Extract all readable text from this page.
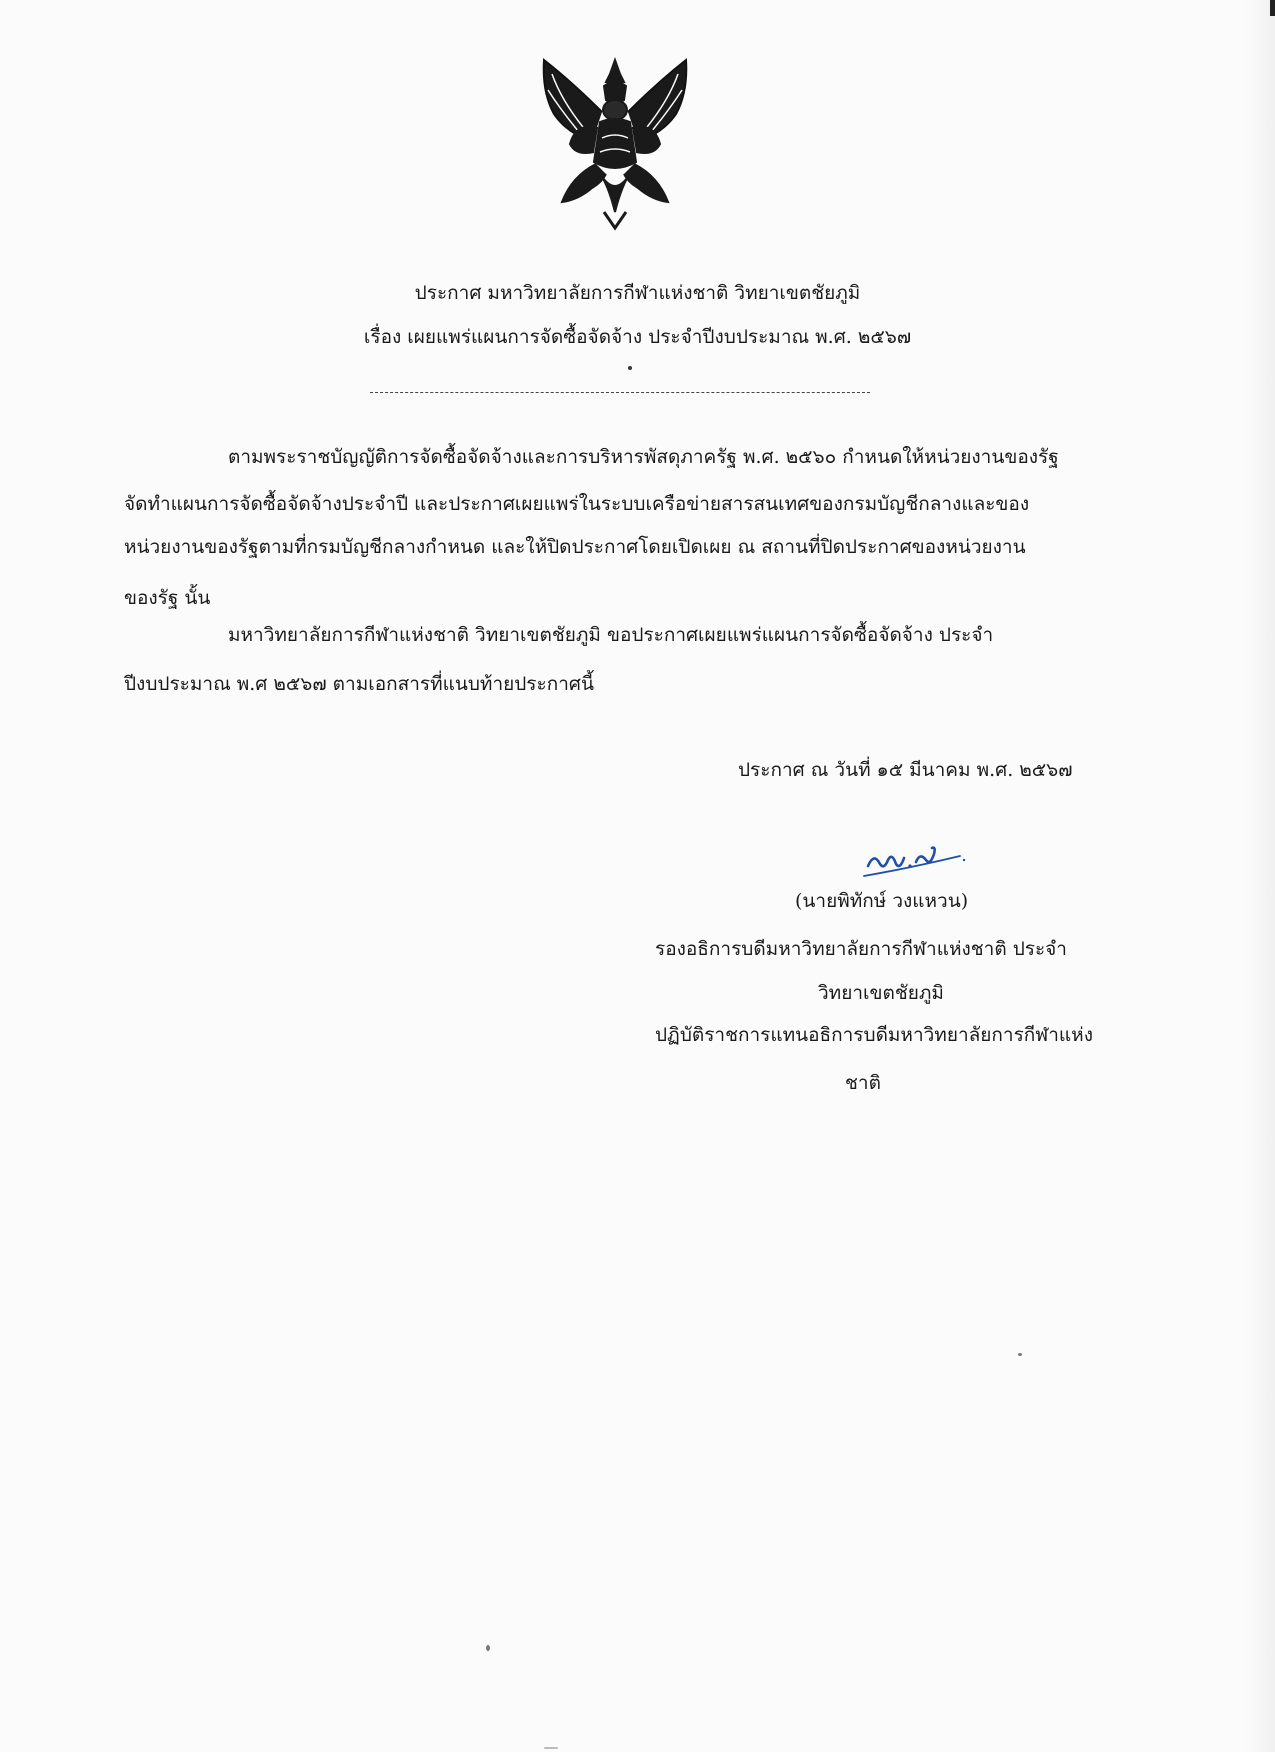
ประกาศ มหาวิทยาลัยการกีฬาแห่งชาติ วิทยาเขตชัยภูมิ
เรื่อง เผยแพร่แผนการจัดซื้อจัดจ้าง ประจำปีงบประมาณ พ.ศ. ๒๕๖๗
ตามพระราชบัญญัติการจัดซื้อจัดจ้างและการบริหารพัสดุภาครัฐ พ.ศ. ๒๕๖๐ กำหนดให้หน่วยงานของรัฐ
จัดทำแผนการจัดซื้อจัดจ้างประจำปี และประกาศเผยแพร่ในระบบเครือข่ายสารสนเทศของกรมบัญชีกลางและของ
หน่วยงานของรัฐตามที่กรมบัญชีกลางกำหนด และให้ปิดประกาศโดยเปิดเผย ณ สถานที่ปิดประกาศของหน่วยงาน
ของรัฐ นั้น
มหาวิทยาลัยการกีฬาแห่งชาติ วิทยาเขตชัยภูมิ ขอประกาศเผยแพร่แผนการจัดซื้อจัดจ้าง ประจำ
ปีงบประมาณ พ.ศ ๒๕๖๗ ตามเอกสารที่แนบท้ายประกาศนี้
ประกาศ ณ วันที่ ๑๕ มีนาคม พ.ศ. ๒๕๖๗
(นายพิทักษ์ วงแหวน)
รองอธิการบดีมหาวิทยาลัยการกีฬาแห่งชาติ ประจำ
วิทยาเขตชัยภูมิ
ปฏิบัติราชการแทนอธิการบดีมหาวิทยาลัยการกีฬาแห่ง
ชาติ
